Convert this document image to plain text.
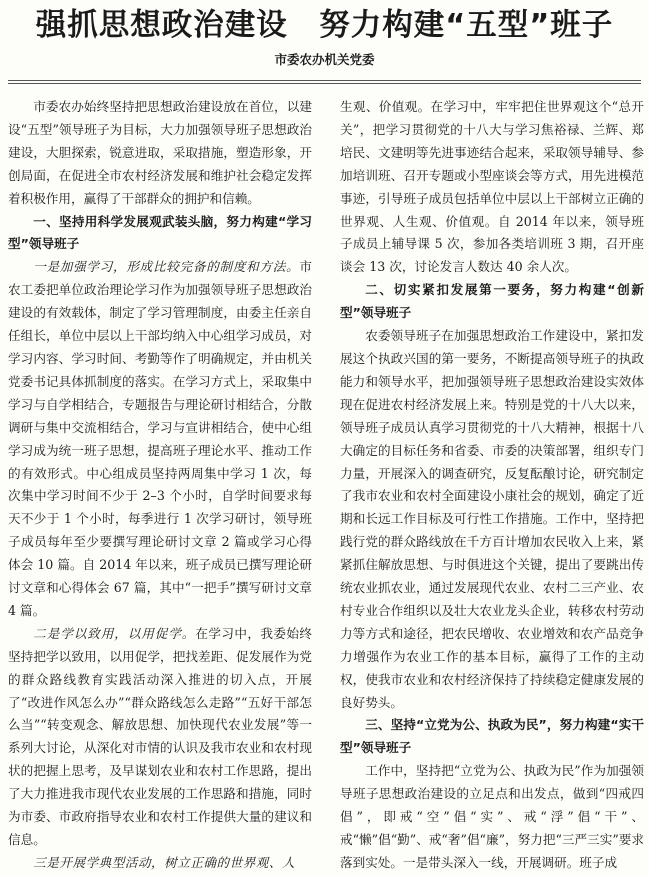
强抓思想政治建设　努力构建“五型”班子
市委农办机关党委

市委农办始终坚持把思想政治建设放在首位，以建设“五型”领导班子为目标，大力加强领导班子思想政治建设，大胆探索，锐意进取，采取措施，塑造形象，开创局面，在促进全市农村经济发展和维护社会稳定发挥着积极作用，赢得了干部群众的拥护和信赖。

一、坚持用科学发展观武装头脑，努力构建“学习型”领导班子

一是加强学习，形成比较完备的制度和方法。市农工委把单位政治理论学习作为加强领导班子思想政治建设的有效载体，制定了学习管理制度，由委主任亲自任组长，单位中层以上干部均纳入中心组学习成员，对学习内容、学习时间、考勤等作了明确规定，并由机关党委书记具体抓制度的落实。在学习方式上，采取集中学习与自学相结合，专题报告与理论研讨相结合，分散调研与集中交流相结合，学习与宣讲相结合，使中心组学习成为统一班子思想，提高班子理论水平、推动工作的有效形式。中心组成员坚持两周集中学习 1 次，每次集中学习时间不少于 2–3 个小时，自学时间要求每天不少于 1 个小时，每季进行 1 次学习研讨，领导班子成员每年至少要撰写理论研讨文章 2 篇或学习心得体会 10 篇。自 2014 年以来，班子成员已撰写理论研讨文章和心得体会 67 篇，其中“一把手”撰写研讨文章 4 篇。

二是学以致用，以用促学。在学习中，我委始终坚持把学以致用，以用促学，把找差距、促发展作为党的群众路线教育实践活动深入推进的切入点，开展了“改进作风怎么办”“群众路线怎么走路”“五好干部怎么当”“转变观念、解放思想、加快现代农业发展”等一系列大讨论，从深化对市情的认识及我市农业和农村现状的把握上思考，及早谋划农业和农村工作思路，提出了大力推进我市现代农业发展的工作思路和措施，同时为市委、市政府指导农业和农村工作提供大量的建议和信息。

三是开展学典型活动，树立正确的世界观、人

生观、价值观。在学习中，牢牢把住世界观这个“总开关”，把学习贯彻党的十八大与学习焦裕禄、兰辉、郑培民、文建明等先进事迹结合起来，采取领导辅导、参加培训班、召开专题或小型座谈会等方式，用先进模范事迹，引导班子成员包括单位中层以上干部树立正确的世界观、人生观、价值观。自 2014 年以来，领导班子成员上辅导课 5 次，参加各类培训班 3 期，召开座谈会 13 次，讨论发言人数达 40 余人次。

二、切实紧扣发展第一要务，努力构建“创新型”领导班子

农委领导班子在加强思想政治工作建设中，紧扣发展这个执政兴国的第一要务，不断提高领导班子的执政能力和领导水平，把加强领导班子思想政治建设实效体现在促进农村经济发展上来。特别是党的十八大以来，领导班子成员认真学习贯彻党的十八大精神，根据十八大确定的目标任务和省委、市委的决策部署，组织专门力量，开展深入的调查研究，反复酝酿讨论，研究制定了我市农业和农村全面建设小康社会的规划，确定了近期和长远工作目标及可行性工作措施。工作中，坚持把践行党的群众路线放在千方百计增加农民收入上来，紧紧抓住解放思想、与时俱进这个关键，提出了要跳出传统农业抓农业，通过发展现代农业、农村二三产业、农村专业合作组织以及壮大农业龙头企业，转移农村劳动力等方式和途径，把农民增收、农业增效和农产品竞争力增强作为农业工作的基本目标，赢得了工作的主动权，使我市农业和农村经济保持了持续稳定健康发展的良好势头。

三、坚持“立党为公、执政为民”，努力构建“实干型”领导班子

工作中，坚持把“立党为公、执政为民”作为加强领导班子思想政治建设的立足点和出发点，做到“四戒四倡”，即戒“空”倡“实”、戒“浮”倡“干”、戒“懒”倡“勤”、戒“奢”倡“廉”，努力把“三严三实”要求落到实处。一是带头深入一线，开展调研。班子成
